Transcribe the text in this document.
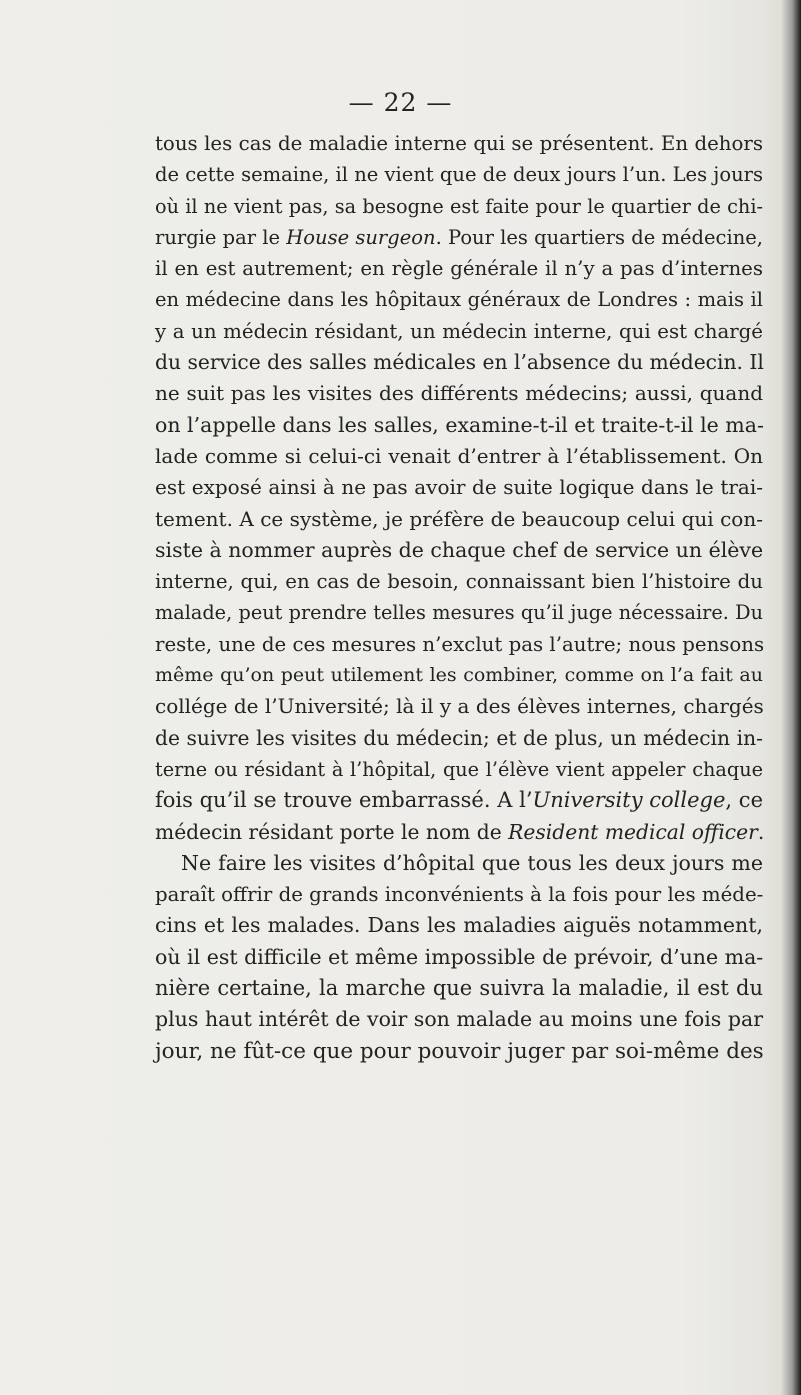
— 22 —
tous les cas de maladie interne qui se présentent. En dehors
de cette semaine, il ne vient que de deux jours l’un. Les jours
où il ne vient pas, sa besogne est faite pour le quartier de chi-
rurgie par le House surgeon. Pour les quartiers de médecine,
il en est autrement; en règle générale il n’y a pas d’internes
en médecine dans les hôpitaux généraux de Londres : mais il
y a un médecin résidant, un médecin interne, qui est chargé
du service des salles médicales en l’absence du médecin. Il
ne suit pas les visites des différents médecins; aussi, quand
on l’appelle dans les salles, examine-t-il et traite-t-il le ma-
lade comme si celui-ci venait d’entrer à l’établissement. On
est exposé ainsi à ne pas avoir de suite logique dans le trai-
tement. A ce système, je préfère de beaucoup celui qui con-
siste à nommer auprès de chaque chef de service un élève
interne, qui, en cas de besoin, connaissant bien l’histoire du
malade, peut prendre telles mesures qu’il juge nécessaire. Du
reste, une de ces mesures n’exclut pas l’autre; nous pensons
même qu’on peut utilement les combiner, comme on l’a fait au
collége de l’Université; là il y a des élèves internes, chargés
de suivre les visites du médecin; et de plus, un médecin in-
terne ou résidant à l’hôpital, que l’élève vient appeler chaque
fois qu’il se trouve embarrassé. A l’University college, ce
médecin résidant porte le nom de Resident medical officer.
Ne faire les visites d’hôpital que tous les deux jours me
paraît offrir de grands inconvénients à la fois pour les méde-
cins et les malades. Dans les maladies aiguës notamment,
où il est difficile et même impossible de prévoir, d’une ma-
nière certaine, la marche que suivra la maladie, il est du
plus haut intérêt de voir son malade au moins une fois par
jour, ne fût-ce que pour pouvoir juger par soi-même des
